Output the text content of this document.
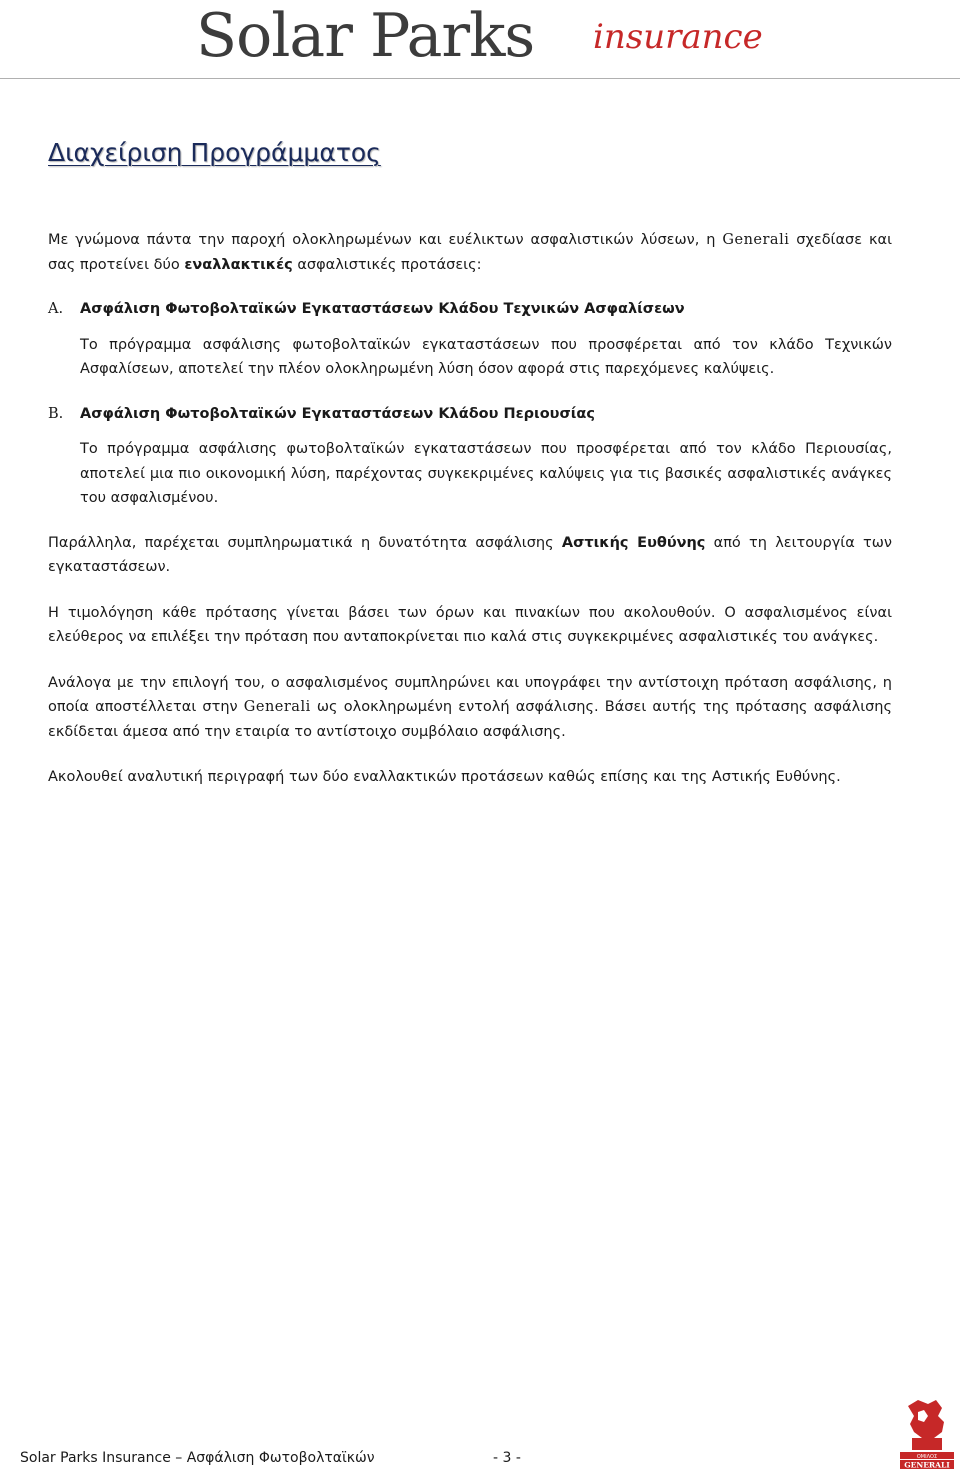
Solar Parks insurance
Διαχείριση Προγράμματος

Με γνώμονα πάντα την παροχή ολοκληρωμένων και ευέλικτων ασφαλιστικών λύσεων, η Generali σχεδίασε και σας προτείνει δύο εναλλακτικές ασφαλιστικές προτάσεις:

Α.	Ασφάλιση Φωτοβολταϊκών Εγκαταστάσεων Κλάδου Τεχνικών Ασφαλίσεων

Το πρόγραμμα ασφάλισης φωτοβολταϊκών εγκαταστάσεων που προσφέρεται από τον κλάδο Τεχνικών Ασφαλίσεων, αποτελεί την πλέον ολοκληρωμένη λύση όσον αφορά στις παρεχόμενες καλύψεις.

Β.	Ασφάλιση Φωτοβολταϊκών Εγκαταστάσεων Κλάδου Περιουσίας

Το πρόγραμμα ασφάλισης φωτοβολταϊκών εγκαταστάσεων που προσφέρεται από τον κλάδο Περιουσίας, αποτελεί μια πιο οικονομική λύση, παρέχοντας συγκεκριμένες καλύψεις για τις βασικές ασφαλιστικές ανάγκες του ασφαλισμένου.

Παράλληλα, παρέχεται συμπληρωματικά η δυνατότητα ασφάλισης Αστικής Ευθύνης από τη λειτουργία των εγκαταστάσεων.

Η τιμολόγηση κάθε πρότασης γίνεται βάσει των όρων και πινακίων που ακολουθούν. Ο ασφαλισμένος είναι ελεύθερος να επιλέξει την πρόταση που ανταποκρίνεται πιο καλά στις συγκεκριμένες ασφαλιστικές του ανάγκες.

Ανάλογα με την επιλογή του, ο ασφαλισμένος συμπληρώνει και υπογράφει την αντίστοιχη πρόταση ασφάλισης, η οποία αποστέλλεται στην Generali ως ολοκληρωμένη εντολή ασφάλισης. Βάσει αυτής της πρότασης ασφάλισης εκδίδεται άμεσα από την εταιρία το αντίστοιχο συμβόλαιο ασφάλισης.

Ακολουθεί αναλυτική περιγραφή των δύο εναλλακτικών προτάσεων καθώς επίσης και της Αστικής Ευθύνης.

Solar Parks Insurance – Ασφάλιση Φωτοβολταϊκών	- 3 -	ΟΜΙΛΟΣ
GENERALI
